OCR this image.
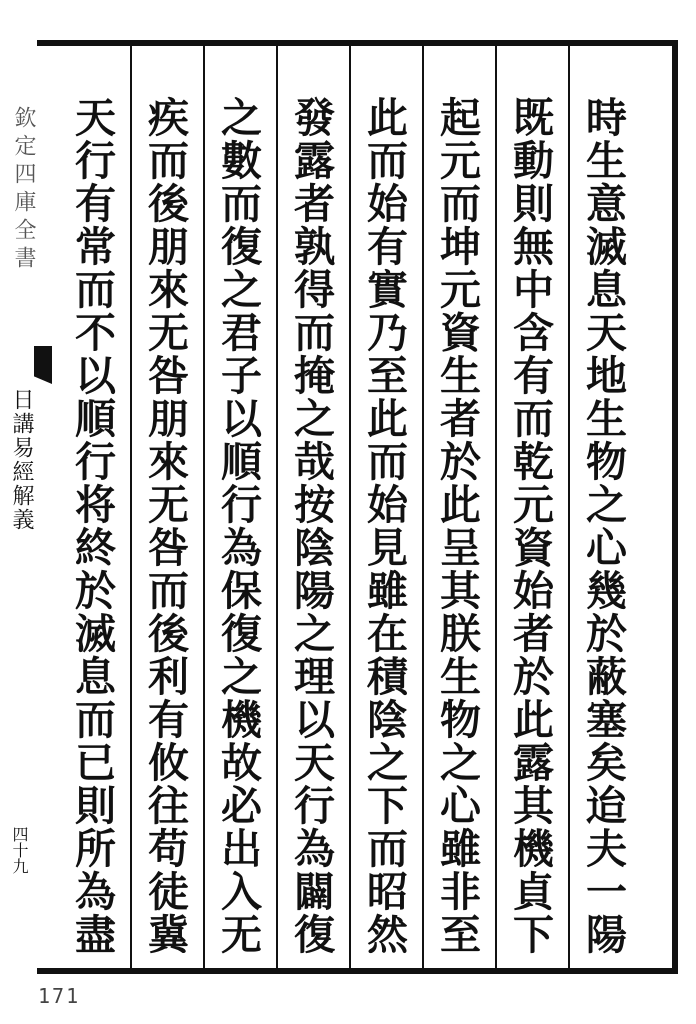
欽定四庫全書
日講易經解義
四十九	時生意滅息天地生物之心幾於蔽塞矣迨夫一陽
既動則無中含有而乾元資始者於此露其機貞下
起元而坤元資生者於此呈其朕生物之心雖非至
此而始有實乃至此而始見雖在積陰之下而昭然
發露者孰得而掩之哉按陰陽之理以天行為闢復
之數而復之君子以順行為保復之機故必出入无
疾而後朋來无咎朋來无咎而後利有攸往苟徒冀
天行有常而不以順行将終於滅息而已則所為盡
171
